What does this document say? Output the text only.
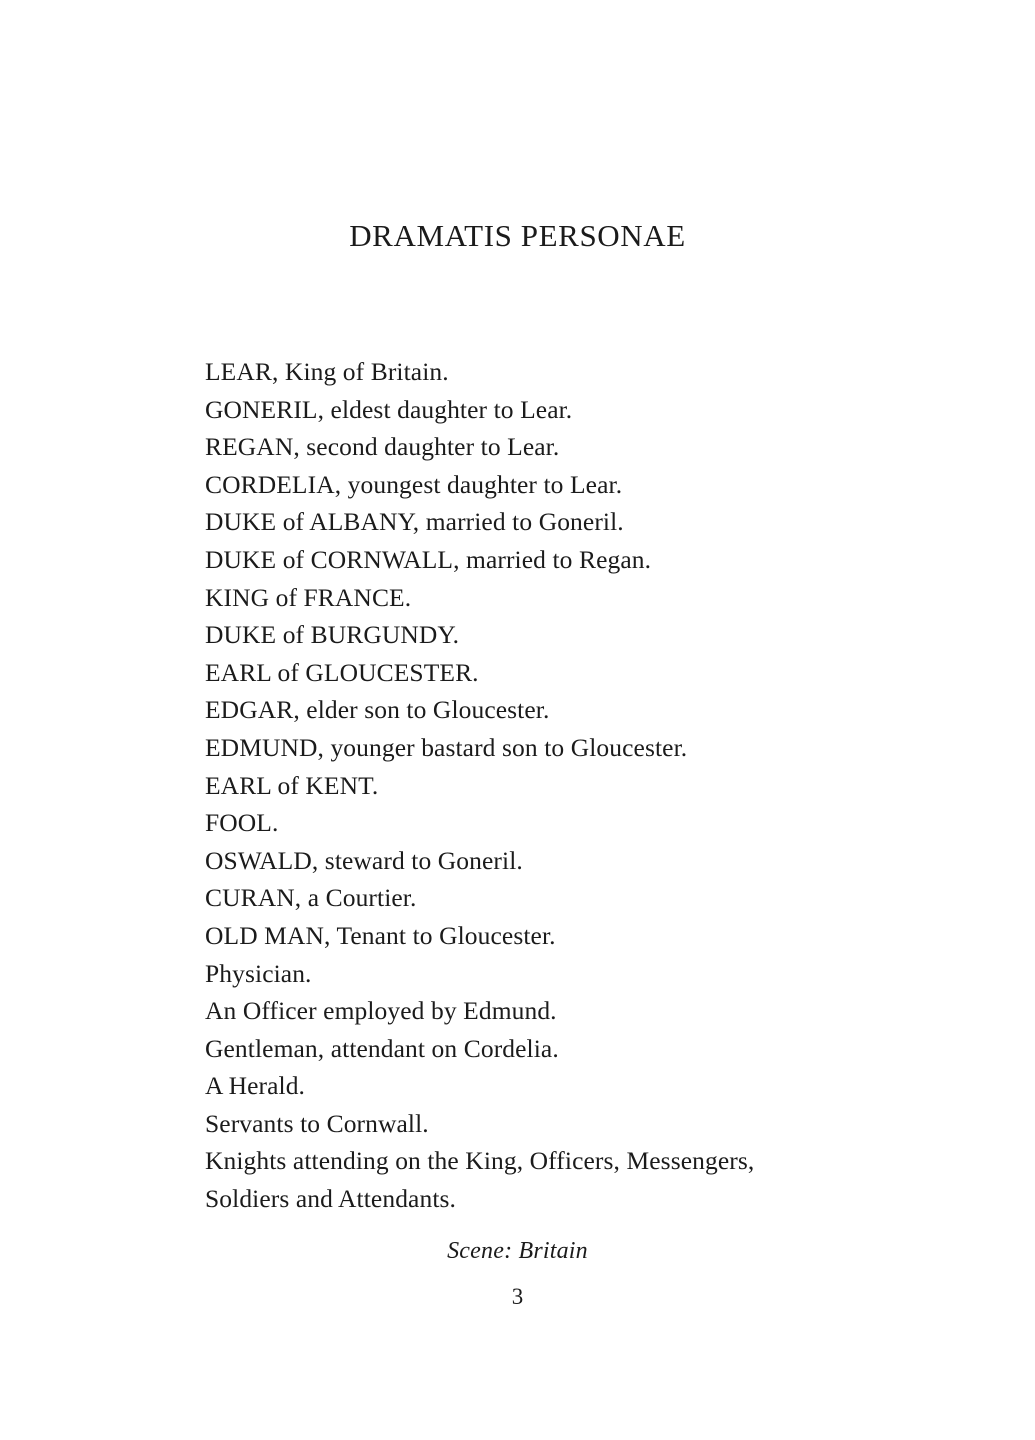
DRAMATIS PERSONAE
LEAR, King of Britain.
GONERIL, eldest daughter to Lear.
REGAN, second daughter to Lear.
CORDELIA, youngest daughter to Lear.
DUKE of ALBANY, married to Goneril.
DUKE of CORNWALL, married to Regan.
KING of FRANCE.
DUKE of BURGUNDY.
EARL of GLOUCESTER.
EDGAR, elder son to Gloucester.
EDMUND, younger bastard son to Gloucester.
EARL of KENT.
FOOL.
OSWALD, steward to Goneril.
CURAN, a Courtier.
OLD MAN, Tenant to Gloucester.
Physician.
An Officer employed by Edmund.
Gentleman, attendant on Cordelia.
A Herald.
Servants to Cornwall.
Knights attending on the King, Officers, Messengers, Soldiers and Attendants.
Scene: Britain
3
